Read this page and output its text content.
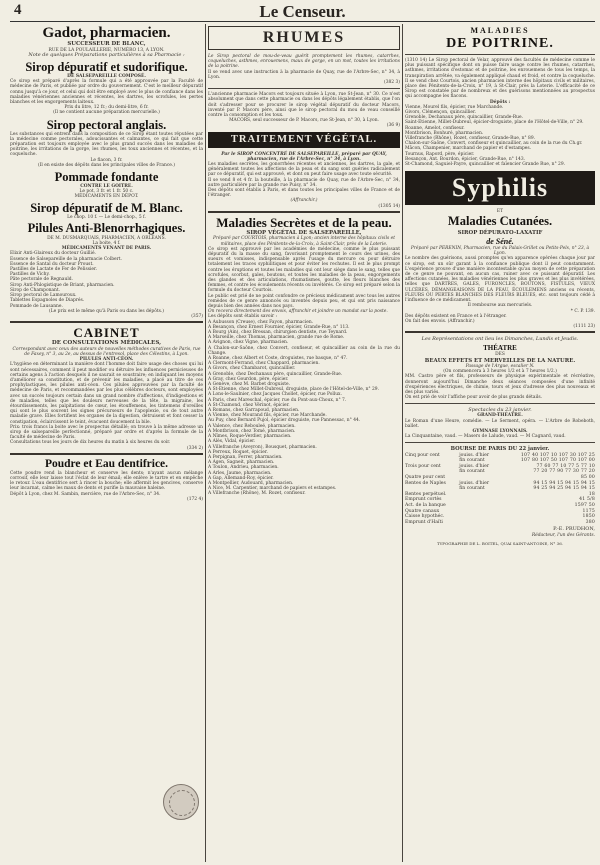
4	Le Censeur.
Gadot, pharmacien.
SUCCESSEUR DE BLANC,
RUE DE LA POULAILLERIE, NUMÉRO 13, A LYON.
Note de quelques Préparations particulières à sa Pharmacie :
Sirop dépuratif et sudorifique.
DE SALSEPAREILLE COMPOSÉ.
Ce sirop est préparé d'après la formule qui a été approuvée par la Faculté de médecine de Paris, et publiée par ordre du gouvernement. C'est le meilleur dépuratif connu jusqu'à ce jour, et celui qui doit être employé avec le plus de confiance dans les maladies vénériennes anciennes et récentes, les dartres, les scrofules, les pertes blanches et les engorgements laiteux.
Prix du litre, 12 fr.; du demi-litre, 6 fr.
(Il ne contient aucune préparation mercurielle.)
Sirop pectoral anglais.
Les substances qui entrent dans la composition de ce Sirop étant toutes réputées par la médecine comme pectorales, adoucissantes et calmantes, ce qui fait que cette préparation est toujours employée avec le plus grand succès dans les maladies de poitrine, les irritations de la gorge, les rhumes, les toux anciennes et récentes, et la coqueluche.
Le flacon, 3 fr.
(Il en existe des dépôts dans les principales villes de France.)
Pommade fondante
CONTRE LE GOITRE.
Le pot, 3 fr. et 1 fr. 50 c.
MÉDICAMENTS EN DÉPOT.
Sirop dépuratif de M. Blanc.
Le chop. 10 f. — Le demi-chop., 5 f.
Pilules Anti-Blenorrhagiques.
DE M. DUSMARQUAIS, PHARMACIEN, A ORLÉANS.
La boite, 4 f.
MÉDICAMENTS VENANT DE PARIS.
Elixir Anti-Glaireux du docteur Guillié.
Essence de Salsepareille de la pharmacie Colbert.
Essence de Santal du docteur Proust.
Pastilles de Lactate de Fer de Pelissier.
Pastilles de Vichy.
Pâte pectorale de Regnauld.
Sirop Anti-Phlogistique de Briant, pharmacien.
Sirop de Champonant.
Sirop pectoral de Lamouroux.
Tablettes Espagnoles de Diaprés.
Pommade de Lausanne.
(Le prix est le même qu'à Paris ou dans les dépôts.)
(357)
CABINET
DE CONSULTATIONS MÉDICALES,
Correspondant avec ceux des auteurs de nouvelles méthodes curatives de Paris, rue de Faxey, n° 3, au 2e, au dessus de l'entresol, place des Célestins, à Lyon.
PILULES ANTI-CÉON.
L'hygiène en déterminant la manière dont l'homme doit faire usage des choses qui lui sont nécessaires, comment il peut modifier ou détruire les influences pernicieuses de certains agens à l'action desquels il ne saurait se soustraire; en indiquant les moyens d'améliorer sa constitution, et de prévenir les maladies, a placé au titre de ces prophylactiques, les pilules anti-céon. Ces pilules approuvées par la faculté de médecine de Paris, et recommandées par les plus célèbres docteurs, sont employées avec un succès toujours certain dans un grand nombre d'affections, d'indigestions et de maladies, telles que les douleurs nerveuses de la tête, la migraine, les étourdissements, les palpitations de cœur, les étouffemens, les tintemens d'oreilles qui sont le plus souvent les signes précurseurs de l'apoplexie, ou de tout autre maladie grave. Elles fortifient les organes de la digestion, détruisent et font cesser la constipation, éclaircissent le teint, évacuent doucement la bile.
Prix: trois francs la boite avec le prospectus détaillé; on trouve à la même adresse un sirop de salsepareille perfectionné, préparé par ordre et d'après la formule de la faculté de médecine de Paris.
Consultations tous les jours de dix heures du matin à six heures du soir.
(334 2)
Poudre et Eau dentifrice.
Cette poudre rend la blancheur et conserve les dents; n'ayant aucun mélange corrosif, elle leur laisse tout l'éclat de leur émail; elle enlève le tartre et en empêche le retour. L'eau dentifrice sert à rincer la bouche; elle affermit les gencives, conserve leur incarnat, calme les maux de dents et purifie la mauvaise haleine.
Dépôt à Lyon, chez M. Sambin, mercière, rue de l'Arbre-Sec, n° 34.
(172 4)
RHUMES
Le Sirop pectoral de mou-de-veau guérit promptement les rhumes, catarrhes, coqueluches, asthmes, enrouemens, maux de gorge, en un mot, toutes les irritations de la poitrine.
Il se vend avec une instruction à la pharmacie de Quay, rue de l'Arbre-Sec, n° 34, à Lyon.
(382 3)
L'ancienne pharmacie Macors est toujours située à Lyon, rue St-Jean, n° 30. Ce n'est absolument que dans cette pharmacie ou dans les dépôts légalement établis, que l'on doit s'adresser pour se procurer le sirop végétal dépuratif du docteur Macors, inventé par P. Macors père, ainsi que le sirop pectoral du mou de veau conseillé contre la consomption et les toux.
MACORS, seul successeur de P. Macors, rue St-Jean, n° 30, à Lyon.
(36 9)
TRAITEMENT VÉGÉTAL.
Par le SIROP CONCENTRÉ DE SALSEPAREILLE, préparé par QUAY, pharmacien, rue de l'Arbre-Sec, n° 34, à Lyon.
Les maladies secrètes, les gonorrhées récentes et anciennes, les dartres, la gale, et généralement toutes les affections de la peau et du sang sont guéries radicalement par ce dépuratif, qui est approuvé, et dont on peut faire usage avec toute sécurité.
Il se vend 8 et 4 fr. la bouteille, à la pharmacie de Quay, rue de l'Arbre-Sec, n° 34, autre particulière par la grande rue Puisy, n° 34.
Des dépôts sont établis à Paris, et dans toutes les principales villes de France et de l'étranger.
(Affranchir.)
(1305 14)
Maladies Secrètes et de la peau.
SIROP VÉGÉTAL DE SALSEPAREILLE,
Préparé par COURTOIS, pharmacien à Lyon; ancien interne des hôpitaux civils et militaires, place des Pénitents-de-la-Croix, à Saint-Clair, près de la Loterie.
Ce sirop est approuvé par les académies de médecine, comme le plus puissant dépuratif du la masse du sang, favorisant promptement le cours des urines, des sueurs et vomisses, indispensable après l'usage du mercure ou pour détruire totalement les traces syphilitiques et pour éviter les rechutes. Il est le plus prompt contre les éruptions et toutes les maladies qui ont leur siège dans le sang, telles que scrofules, scorbut, gales, boutons, et toutes les maladies de la peau, engorgements des glandes et des articulations, rhumatismes, goutte, les fleurs blanches des femmes, et contre les écoulements récents ou invétérés. Ce sirop est préparé selon la formule du docteur Courtois.
Le public est prié de ne point confondre ce précieux médicament avec tous les autres remèdes de ce genre annoncés ou inventés depuis peu, et qui ont pris naissance depuis bien des années dans nos pays.
On recevra directement des envois, affranchir et joindre un mandat sur la poste.
Les dépôts sont établis savoir :
A Aubusson (Creuse), chez Fayon, pharmacien.
A Besançon, chez Ernest Fournier, épicier, Grande-Rue, n° 113.
A Bourg (Ain), chez Bressan, chirurgien dentiste, rue Teynard.
A Marseille, chez Thomas, pharmacien, grande rue de Rome.
A Avignon, chez Vigne, pharmacien.
A Chalon-sur-Saône, chez Convert, confiseur, et quincaillier au coin de la rue du Change.
A Roanne, chez Albert et Coste, droguistes, rue basque, n° 47.
A Clermont-Ferrand, chez Chappard, pharmacien.
A Givors, chez Chambarot, quincaillier.
A Grenoble, chez Dechanaux père, quincaillier, Grande-Rue.
A Gray, chez Gourdon, père, épicier.
A Genève, chez M. Barbet droguiste.
A St-Etienne, chez Millet-Dubreul, droguiste, place de l'Hôtel-de-Ville, n° 29.
A Lons-le-Saulnier, chez Jacques Chollet, épicier, rue Pollux.
A Paris, chez Mareschal, épicier, rue du Pont-aux-Choux, n° 7.
A St-Chamond, chez Vérinot, épicier.
A Romans, chez Garrapoud, pharmacien.
A Vienne, chez Mourand fils, épicier, rue Marchande.
Au Puy, chez Bernard Pujol, épicier droguiste, rue Pannessac, n° 44.
A Valence, chez Rebouleé, pharmacien.
A Montbrison, chez Tomé, pharmacien.
A Nîmes, Roque-Verdier, pharmacien.
A Alès, Vidal, épicier.
A Villefranche (Aveyron), Bousquet, pharmacien.
A Perreux, Roquet, épicier.
A Perpignan, Ferrer, pharmacien.
A Agen, Sagneit, pharmacien.
A Toulon, Andrieu, pharmacien.
A Arles, Jaume, pharmacien.
A Gap, Allemand-Roy, épicier.
A Montpellier, Audouard, pharmacien.
A Nice, M. Carpentier, marchand de papiers et estampes.
A Villefranche (Rhône), M. Rozet, confiseur.
MALADIES
DE POITRINE.
(1310 14) Le Sirop pectoral de Velar, approuvé des facultés de médecine comme le plus puissant spécifique dont on puisse faire usage contre les rhumes, catarrhes, asthmes, irritations d'estomac et de poitrine, les enrouemens de tous les temps, la transpiration arrêtée, va également appliqué chaud et froid, et contre la coqueluche. Il se vend chez Courtois, ancien pharmacien interne des hôpitaux civils et militaires, place des Pénitents-de-la-Croix, n° 19, à St-Clair, près la Loterie. L'efficacité de ce Sirop est constatée par de nombreux et des guérisons mentionnées au prospectus qui accompagne les flacons.
Dépôts :
Vienne, Mourel fils, épicier, rue Marchande.
Givors, Clémençon, quincaillier.
Grenoble, Dechanaux père, quincaillier, Grande-Rue.
Saint-Etienne, Millet-Dubreul, épicier-droguiste, place de l'Hôtel-de-Ville, n° 29.
Roanne, Amelot, confiseur.
Montbrison, Bonhuré, pharmacien.
Villefranche (Rhône), Rozet, confiseur, Grande-Rue, n° 89.
Chalon-sur-Saône, Convert, confiseur et quincaillier, au coin de la rue du Ch.gr.
Mâcon, Champenier, marchand de papier et d'estampes.
Tournus, Rapord, père, épicier.
Besançon, Ant. Bourdon, épicier, Grande-Rue, n° 143.
St-Chamond, Saguiel-Payre, quincaillier et faïencier Grande Rue, n° 29.
Syphilis
ET
Maladies Cutanées.
SIROP DÉPURATO-LAXATIF
de Séné.
Préparé par PERENIN, Pharmacien, rue du Palais-Grillet ou Petits-Pels, n° 23, à Lyon.
Le nombre des guérisons, aussi promptes qu'en apparence opérées chaque jour par ce sirop, est un sûr garant à la confiance publique dont il peut constamment. L'expérience prouve d'une manière incontestable qu'au moyen de cette préparation de ce genre ne pouvant, en aucun cas, ruiner avec ce puissant dépuratif. Les affections cutanées, les maladies vénériennes les plus graves et les plus invétérées, telles que DARTRES, GALES, FURONCLES, BOUTONS, FISTULES, VIEUX ULCÈRES, DÉMANGEAISONS DE LA PEAU, ÉCOULEMENS anciens ou récents, FLEURS OU PERTES BLANCHES DES FLEURS BLEUES, etc. sont toujours cédé à l'influence de ce médicament.
Il rembourse aux mercuriels.
* C. P. 139.
Des dépôts existent en France et à l'étranger.
On fait des envois. (Affranchir.)
(1111 23)
Les Représentations ont lieu les Dimanches, Lundis et Jeudis.
THÉATRE
DES
BEAUX EFFETS ET MERVEILLES DE LA NATURE.
Passage de l'Argue, escalier N.
(On commencera à 3 heures 1/2 et à 7 heures 1/2.)
MM. Castro père et fils, professeurs de physique expérimentale et récréative, donneront aujourd'hui Dimanche deux séances composées d'une infinité d'expériences électriques, de chimie, tours et jeux d'adresse des plus nouveaux et des plus variés.
On est prié de voir l'affiche pour avoir de plus grands détails.
Spectacles du 23 janvier.
GRAND-THÉATRE.
Le Roman d'une Heure, comédie. — Le Serment, opéra. — L'Arbre de Robeboth, ballet.
GYMNASE LYONNAIS.
La Cinquantaine, vaud. — Masers de Lalude, vaud. — M Cagnard, vaud.
BOURSE DE PARIS DU 22 janvier.
Cinq pour cent	jouiss. d'hier	107 40 107 10 107 30 107 25
	fin courant	107 80 107 50 107 70 107 00
Trois pour cent	jouiss. d'hier	77 60 77 10 77 5 77 10
	fin courant	77 20 77 90 77 30 77 20
Quatre pour cent		85 00
Rentes de Naples	jouiss. d'hier	94 15 94 15 94 15 94 15
	fin courant	94 25 94 25 94 15 94 15
Rentes perpétuel.		18
Emprunt cortès		41 5/8
Act. de la banque		1597 50
Quatre canaux		1175
Caisse hypothéc.		1850
Emprunt d'Haïti		380
P.-E. PRUDHON,
Rédacteur, l'un des Gérants.
TYPOGRAPHIE DE L. BOITEL, QUAI SAINT-ANTOINE, N° 36.
